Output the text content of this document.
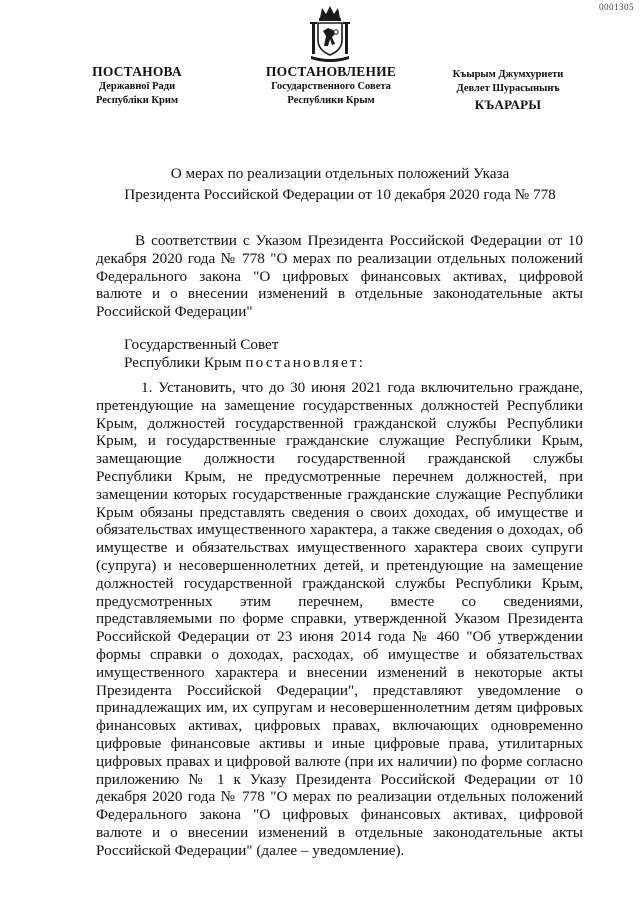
0001305
ПОСТАНОВА
Державної Ради
Республіки Крим
ПОСТАНОВЛЕНИЕ
Государственного Совета
Республики Крым
Къырым Джумхуриети
Девлет Шурасынынъ
КЪАРАРЫ
О мерах по реализации отдельных положений Указа
Президента Российской Федерации от 10 декабря 2020 года № 778

В соответствии с Указом Президента Российской Федерации от 10 декабря 2020 года № 778 "О мерах по реализации отдельных положений Федерального закона "О цифровых финансовых активах, цифровой валюте и о внесении изменений в отдельные законодательные акты Российской Федерации"

Государственный Совет
Республики Крым постановляет:

1. Установить, что до 30 июня 2021 года включительно граждане, претендующие на замещение государственных должностей Республики Крым, должностей государственной гражданской службы Республики Крым, и государственные гражданские служащие Республики Крым, замещающие должности государственной гражданской службы Республики Крым, не предусмотренные перечнем должностей, при замещении которых государственные гражданские служащие Республики Крым обязаны представлять сведения о своих доходах, об имуществе и обязательствах имущественного характера, а также сведения о доходах, об имуществе и обязательствах имущественного характера своих супруги (супруга) и несовершеннолетних детей, и претендующие на замещение должностей государственной гражданской службы Республики Крым, предусмотренных этим перечнем, вместе со сведениями, представляемыми по форме справки, утвержденной Указом Президента Российской Федерации от 23 июня 2014 года № 460 "Об утверждении формы справки о доходах, расходах, об имуществе и обязательствах имущественного характера и внесении изменений в некоторые акты Президента Российской Федерации", представляют уведомление о принадлежащих им, их супругам и несовершеннолетним детям цифровых финансовых активах, цифровых правах, включающих одновременно цифровые финансовые активы и иные цифровые права, утилитарных цифровых правах и цифровой валюте (при их наличии) по форме согласно приложению № 1 к Указу Президента Российской Федерации от 10 декабря 2020 года № 778 "О мерах по реализации отдельных положений Федерального закона "О цифровых финансовых активах, цифровой валюте и о внесении изменений в отдельные законодательные акты Российской Федерации" (далее – уведомление).
